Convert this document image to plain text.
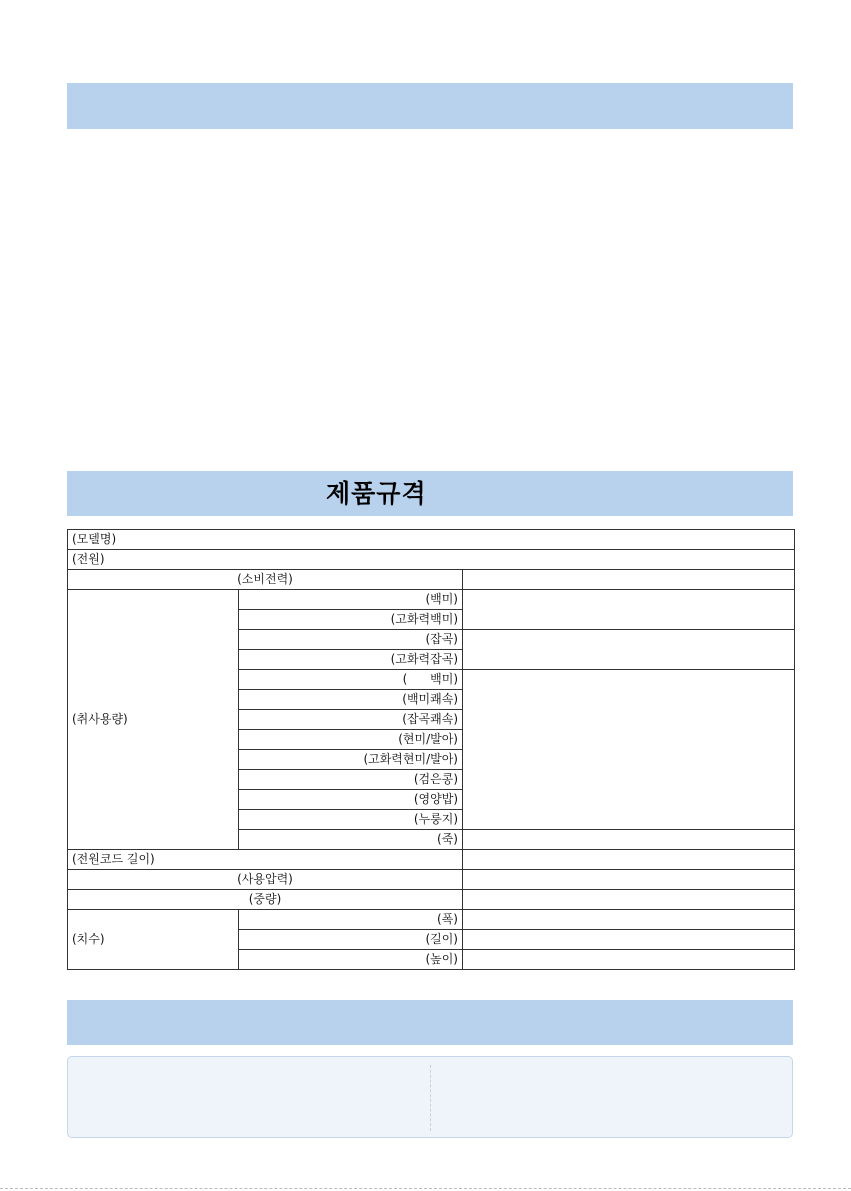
제품규격
(모델명)		
(전원)		
(소비전력)		
(취사용량)	(백미)	
	(고화력백미)	
	(잡곡)	
	(고화력잡곡)	
	(      백미)	
	(백미쾌속)	
	(잡곡쾌속)	
	(현미/발아)	
	(고화력현미/발아)	
	(검은콩)	
	(영양밥)	
	(누룽지)	
	(죽)	
(전원코드 길이)		
(사용압력)		
(중량)		
(치수)	(폭)	
	(길이)	
	(높이)	
